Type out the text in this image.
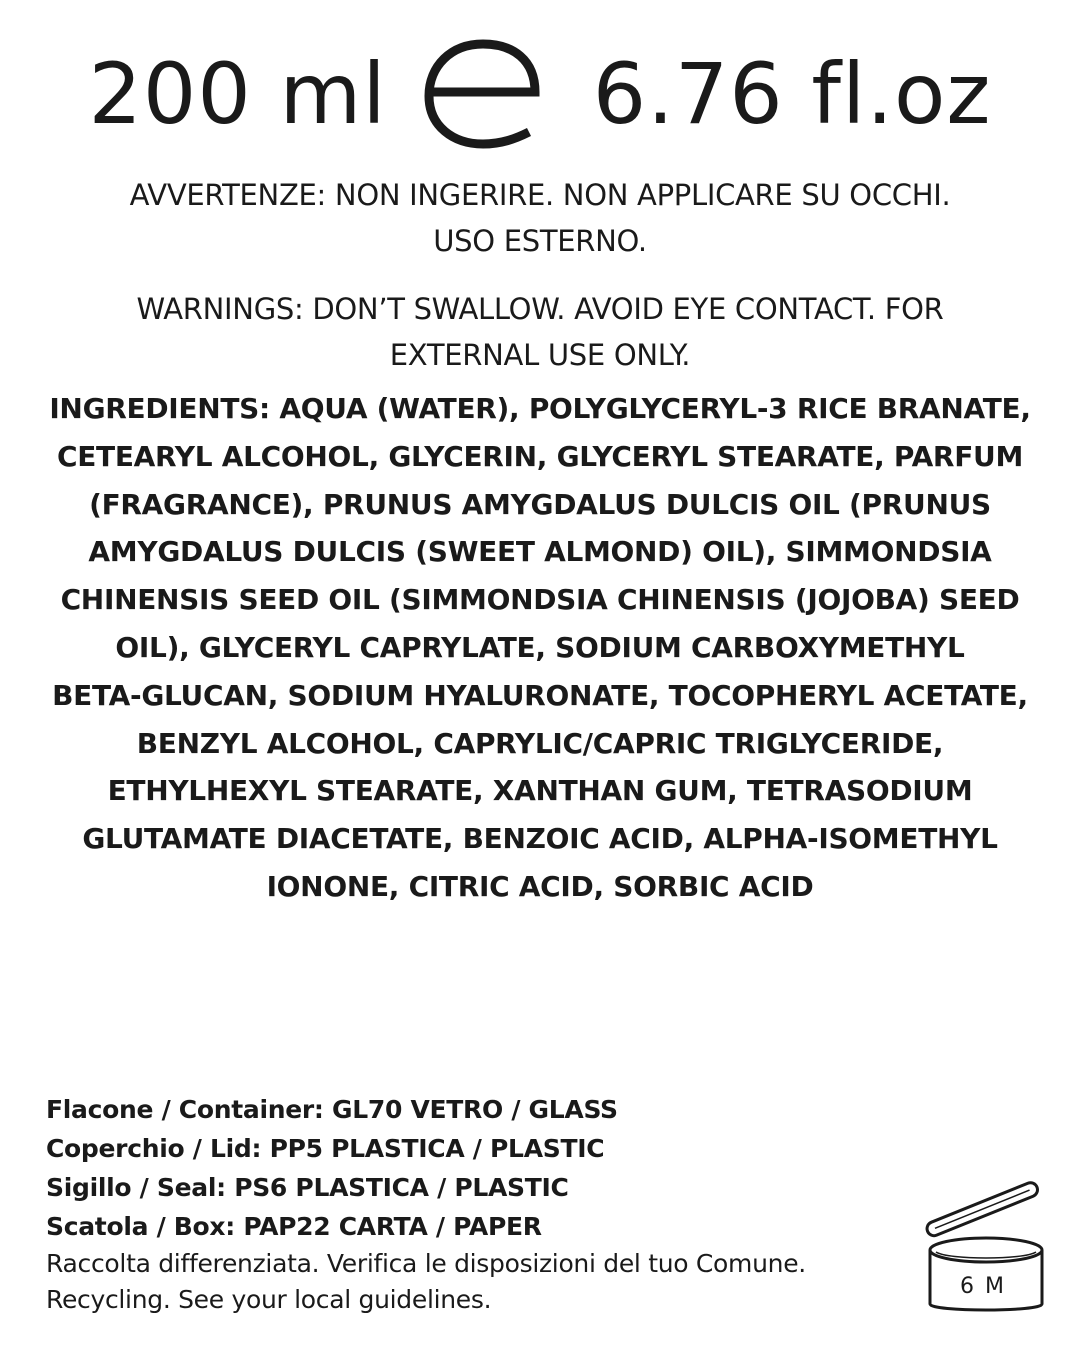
200 ml 6.76 fl.oz
AVVERTENZE: NON INGERIRE. NON APPLICARE SU OCCHI.
USO ESTERNO.
WARNINGS: DON’T SWALLOW. AVOID EYE CONTACT. FOR
EXTERNAL USE ONLY.
INGREDIENTS: AQUA (WATER), POLYGLYCERYL-3 RICE BRANATE,
CETEARYL ALCOHOL, GLYCERIN, GLYCERYL STEARATE, PARFUM
(FRAGRANCE), PRUNUS AMYGDALUS DULCIS OIL (PRUNUS
AMYGDALUS DULCIS (SWEET ALMOND) OIL), SIMMONDSIA
CHINENSIS SEED OIL (SIMMONDSIA CHINENSIS (JOJOBA) SEED
OIL), GLYCERYL CAPRYLATE, SODIUM CARBOXYMETHYL
BETA-GLUCAN, SODIUM HYALURONATE, TOCOPHERYL ACETATE,
BENZYL ALCOHOL, CAPRYLIC/CAPRIC TRIGLYCERIDE,
ETHYLHEXYL STEARATE, XANTHAN GUM, TETRASODIUM
GLUTAMATE DIACETATE, BENZOIC ACID, ALPHA-ISOMETHYL
IONONE, CITRIC ACID, SORBIC ACID
Flacone / Container: GL70 VETRO / GLASS
Coperchio / Lid: PP5 PLASTICA / PLASTIC
Sigillo / Seal: PS6 PLASTICA / PLASTIC
Scatola / Box: PAP22 CARTA / PAPER
Raccolta differenziata. Verifica le disposizioni del tuo Comune.
Recycling. See your local guidelines.	6 M
